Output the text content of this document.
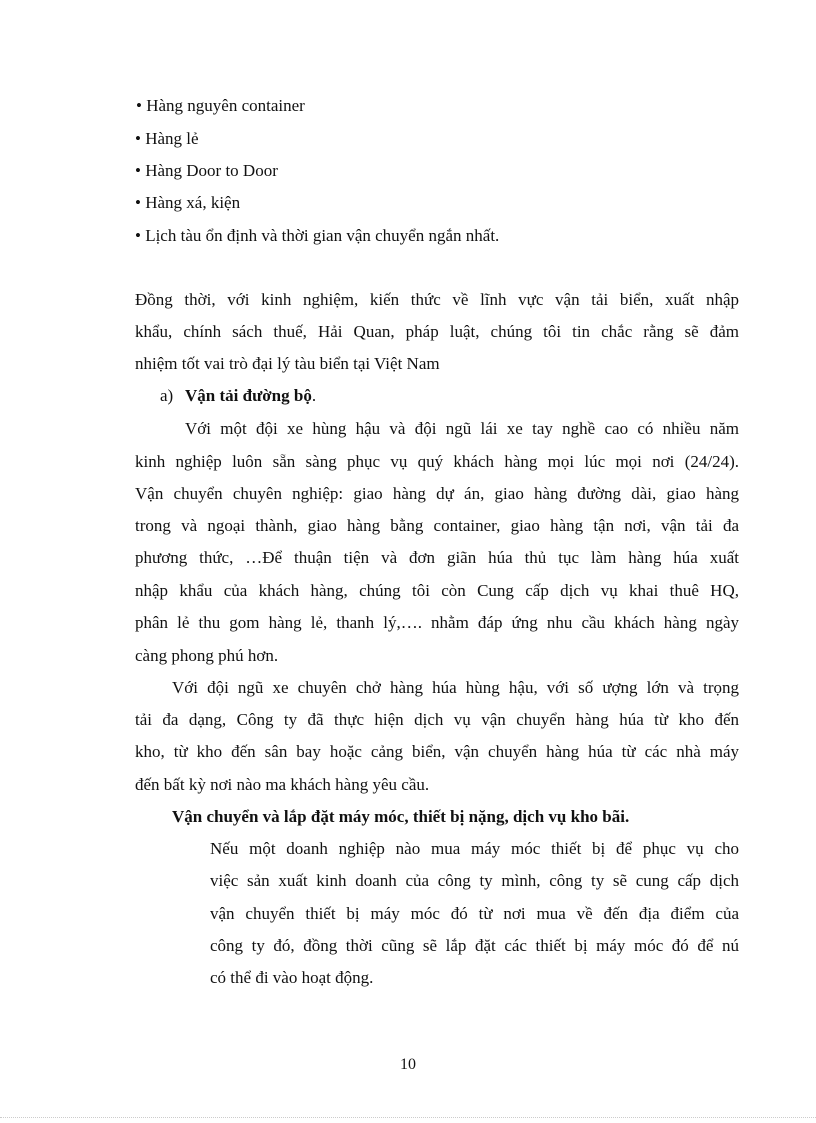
• Hàng nguyên container
• Hàng lẻ
• Hàng Door to Door
• Hàng xá, kiện
• Lịch tàu ổn định và thời gian vận chuyển ngắn nhất.
Đồng thời, với kinh nghiệm, kiến thức về lĩnh vực vận tải biển, xuất nhập
khẩu, chính sách thuế, Hải Quan, pháp luật, chúng tôi tin chắc rằng sẽ đảm
nhiệm tốt vai trò đại lý tàu biển tại Việt Nam
a) Vận tải đường bộ.
Với một đội xe hùng hậu và đội ngũ lái xe tay nghề cao có nhiều năm
kinh nghiệp luôn sẵn sàng phục vụ quý khách hàng mọi lúc mọi nơi (24/24).
Vận chuyển chuyên nghiệp: giao hàng dự án, giao hàng đường dài, giao hàng
trong và ngoại thành, giao hàng bằng container, giao hàng tận nơi, vận tải đa
phương thức, …Để thuận tiện và đơn giãn húa thủ tục làm hàng húa xuất
nhập khẩu của khách hàng, chúng tôi còn Cung cấp dịch vụ khai thuê HQ,
phân lẻ thu gom hàng lẻ, thanh lý,…. nhằm đáp ứng nhu cầu khách hàng ngày
càng phong phú hơn.
Với đội ngũ xe chuyên chở hàng húa hùng hậu, với số ượng lớn và trọng
tải đa dạng, Công ty đã thực hiện dịch vụ vận chuyển hàng húa từ kho đến
kho, từ kho đến sân bay hoặc cảng biển, vận chuyển hàng húa từ các nhà máy
đến bất kỳ nơi nào ma khách hàng yêu cầu.
Vận chuyển và lắp đặt máy móc, thiết bị nặng, dịch vụ kho bãi.
Nếu một doanh nghiệp nào mua máy móc thiết bị để phục vụ cho
việc sản xuất kinh doanh của công ty mình, công ty sẽ cung cấp dịch
vận chuyển thiết bị máy móc đó từ nơi mua về đến địa điểm của
công ty đó, đồng thời cũng sẽ lắp đặt các thiết bị máy móc đó để nú
có thể đi vào hoạt động.
10
